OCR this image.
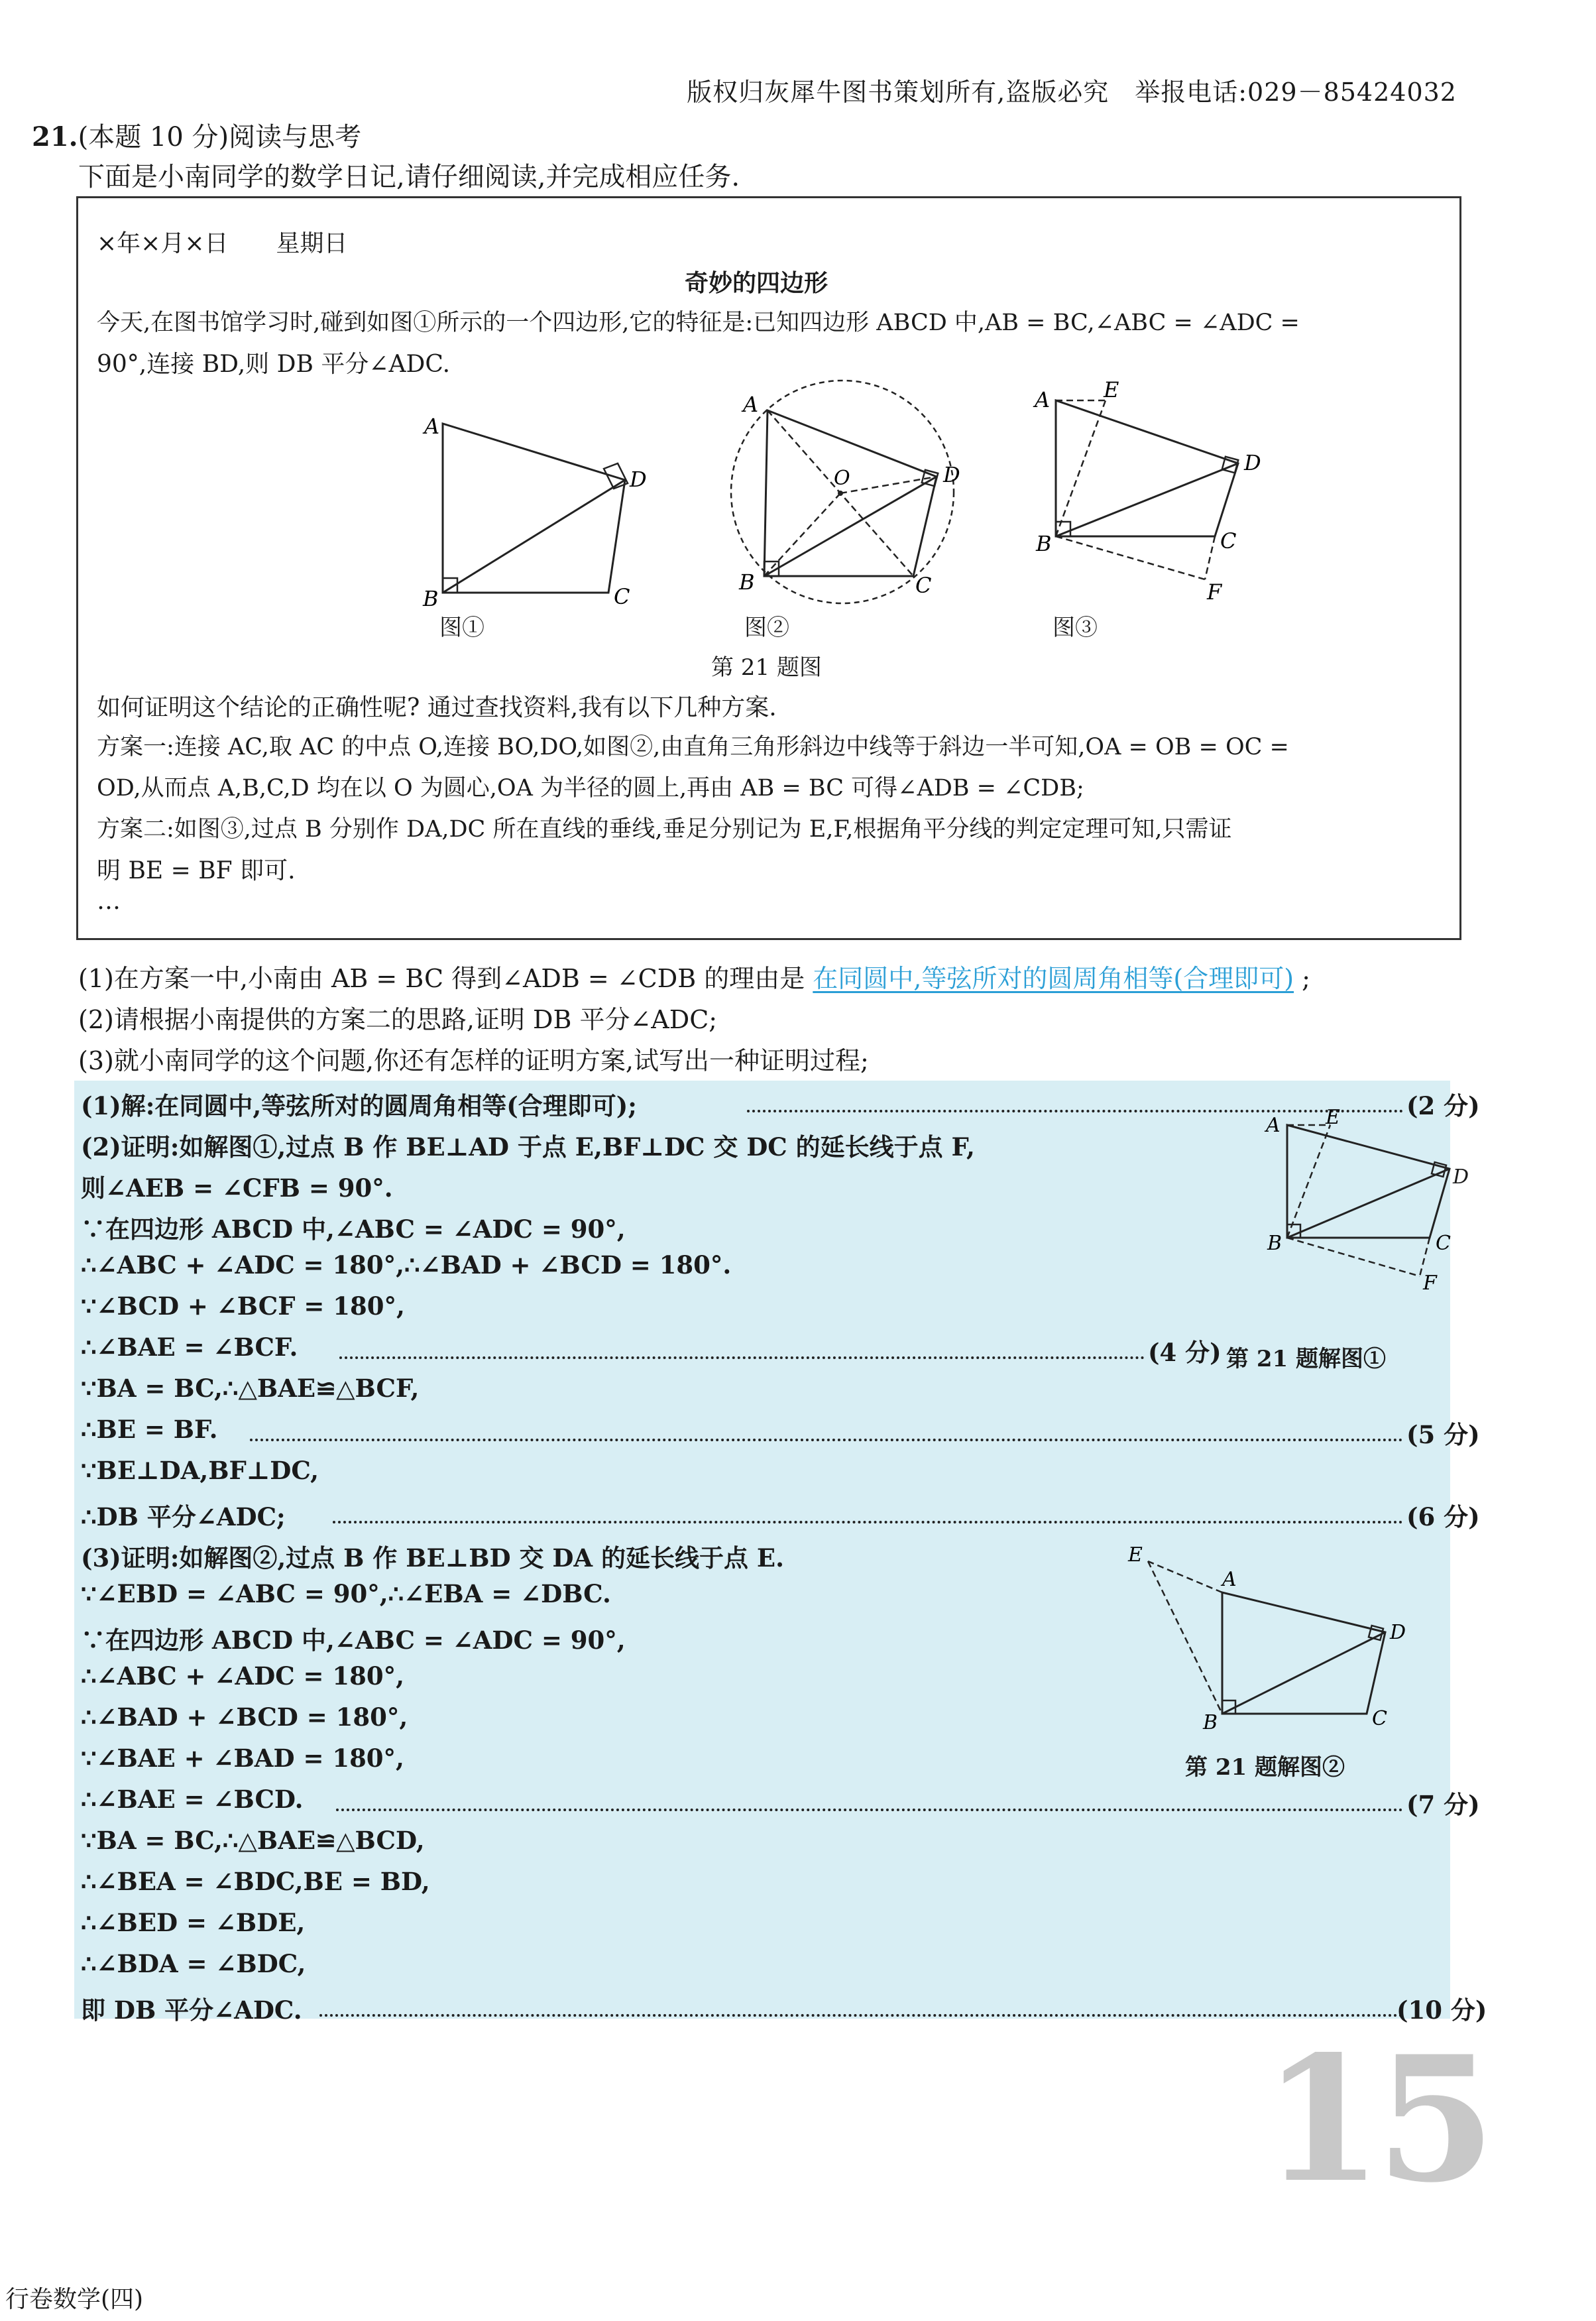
版权归灰犀牛图书策划所有,盗版必究　举报电话:029－85424032
21.(本题 10 分)阅读与思考
下面是小南同学的数学日记,请仔细阅读,并完成相应任务.
×年×月×日　　星期日
奇妙的四边形
今天,在图书馆学习时,碰到如图①所示的一个四边形,它的特征是:已知四边形 ABCD 中,AB = BC,∠ABC = ∠ADC =
90°,连接 BD,则 DB 平分∠ADC.
A
B	C
D
图①
A
B	C
D
O
图②
A	E
B	C
D
F
图③
第 21 题图
如何证明这个结论的正确性呢? 通过查找资料,我有以下几种方案.
方案一:连接 AC,取 AC 的中点 O,连接 BO,DO,如图②,由直角三角形斜边中线等于斜边一半可知,OA = OB = OC =
OD,从而点 A,B,C,D 均在以 O 为圆心,OA 为半径的圆上,再由 AB = BC 可得∠ADB = ∠CDB;
方案二:如图③,过点 B 分别作 DA,DC 所在直线的垂线,垂足分别记为 E,F,根据角平分线的判定定理可知,只需证
明 BE = BF 即可.
…
(1)在方案一中,小南由 AB = BC 得到∠ADB = ∠CDB 的理由是 在同圆中,等弦所对的圆周角相等(合理即可) ;
(2)请根据小南提供的方案二的思路,证明 DB 平分∠ADC;
(3)就小南同学的这个问题,你还有怎样的证明方案,试写出一种证明过程;
(1)解:在同圆中,等弦所对的圆周角相等(合理即可);	(2 分)
(2)证明:如解图①,过点 B 作 BE⊥AD 于点 E,BF⊥DC 交 DC 的延长线于点 F,
则∠AEB = ∠CFB = 90°.
∵在四边形 ABCD 中,∠ABC = ∠ADC = 90°,
∴∠ABC + ∠ADC = 180°,∴∠BAD + ∠BCD = 180°.
∵∠BCD + ∠BCF = 180°,
∴∠BAE = ∠BCF.	(4 分)
∵BA = BC,∴△BAE≌△BCF,
∴BE = BF.	(5 分)
∵BE⊥DA,BF⊥DC,
∴DB 平分∠ADC;	(6 分)
(3)证明:如解图②,过点 B 作 BE⊥BD 交 DA 的延长线于点 E.
∵∠EBD = ∠ABC = 90°,∴∠EBA = ∠DBC.
∵在四边形 ABCD 中,∠ABC = ∠ADC = 90°,
∴∠ABC + ∠ADC = 180°,
∴∠BAD + ∠BCD = 180°,
∵∠BAE + ∠BAD = 180°,
∴∠BAE = ∠BCD.	(7 分)
∵BA = BC,∴△BAE≌△BCD,
∴∠BEA = ∠BDC,BE = BD,
∴∠BED = ∠BDE,
∴∠BDA = ∠BDC,
即 DB 平分∠ADC.	(10 分)
A E
B	C
F
D
第 21 题解图①
E
A
B	C
D
第 21 题解图②
15
行卷数学(四)
